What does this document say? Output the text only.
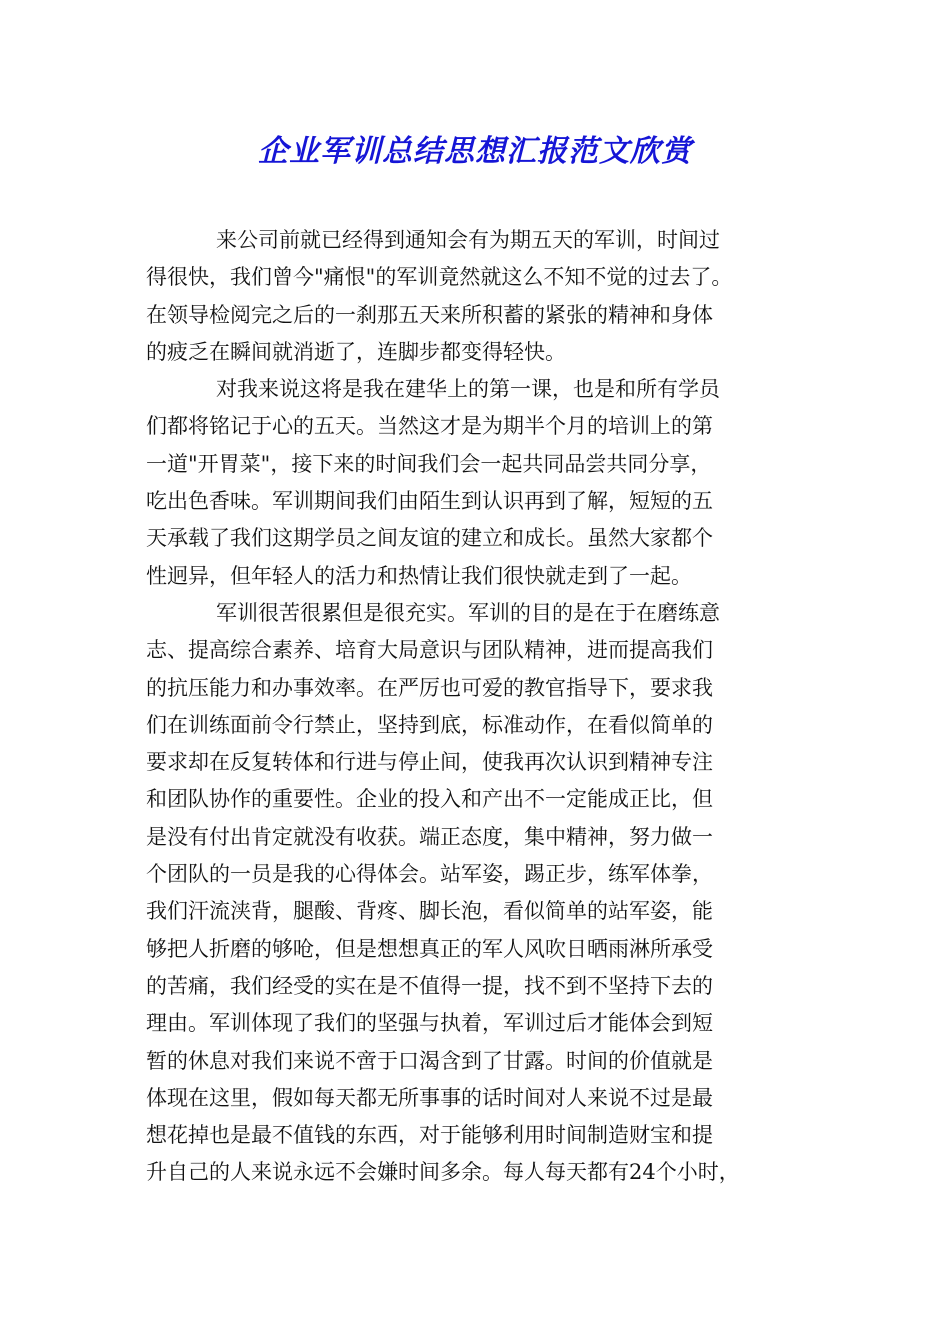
企业军训总结思想汇报范文欣赏
来公司前就已经得到通知会有为期五天的军训，时间过
得很快，我们曾今"痛恨"的军训竟然就这么不知不觉的过去了。
在领导检阅完之后的一刹那五天来所积蓄的紧张的精神和身体
的疲乏在瞬间就消逝了，连脚步都变得轻快。
对我来说这将是我在建华上的第一课，也是和所有学员
们都将铭记于心的五天。当然这才是为期半个月的培训上的第
一道"开胃菜"，接下来的时间我们会一起共同品尝共同分享，
吃出色香味。军训期间我们由陌生到认识再到了解，短短的五
天承载了我们这期学员之间友谊的建立和成长。虽然大家都个
性迥异，但年轻人的活力和热情让我们很快就走到了一起。
军训很苦很累但是很充实。军训的目的是在于在磨练意
志、提高综合素养、培育大局意识与团队精神，进而提高我们
的抗压能力和办事效率。在严厉也可爱的教官指导下，要求我
们在训练面前令行禁止，坚持到底，标准动作，在看似简单的
要求却在反复转体和行进与停止间，使我再次认识到精神专注
和团队协作的重要性。企业的投入和产出不一定能成正比，但
是没有付出肯定就没有收获。端正态度，集中精神，努力做一
个团队的一员是我的心得体会。站军姿，踢正步，练军体拳，
我们汗流浃背，腿酸、背疼、脚长泡，看似简单的站军姿，能
够把人折磨的够呛，但是想想真正的军人风吹日晒雨淋所承受
的苦痛，我们经受的实在是不值得一提，找不到不坚持下去的
理由。军训体现了我们的坚强与执着，军训过后才能体会到短
暂的休息对我们来说不啻于口渴含到了甘露。时间的价值就是
体现在这里，假如每天都无所事事的话时间对人来说不过是最
想花掉也是最不值钱的东西，对于能够利用时间制造财宝和提
升自己的人来说永远不会嫌时间多余。每人每天都有24个小时，
